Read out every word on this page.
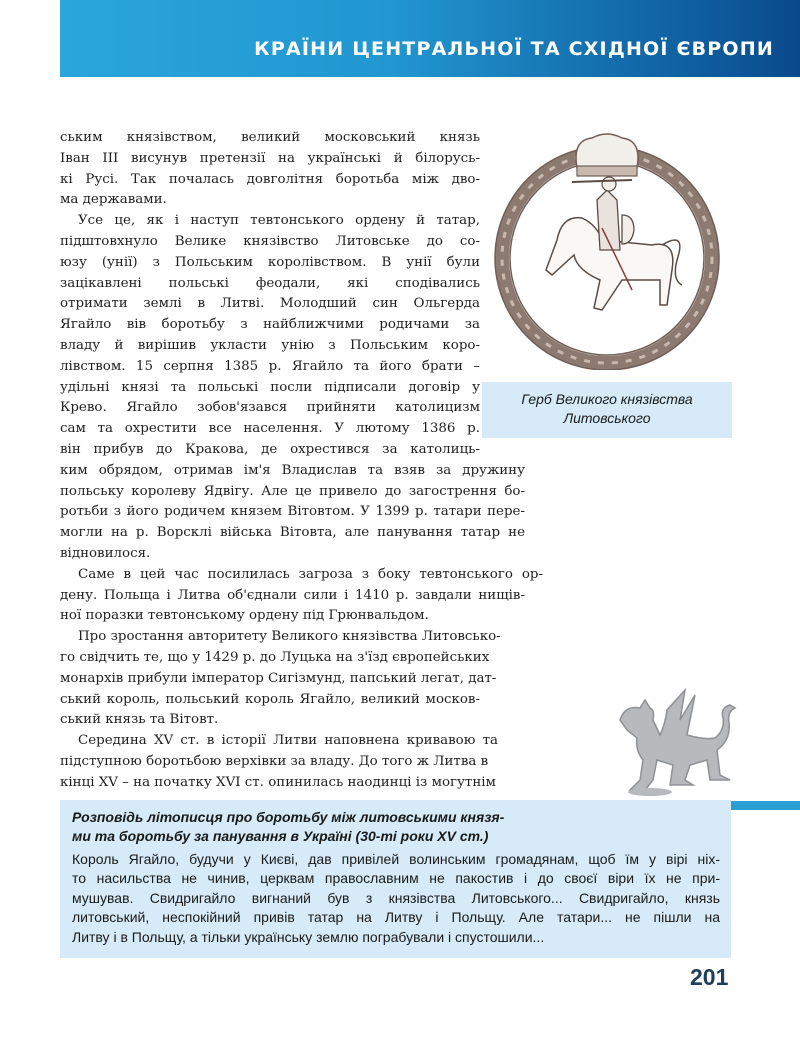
КРАЇНИ ЦЕНТРАЛЬНОЇ ТА СХІДНОЇ ЄВРОПИ
ським князівством, великий московський князь
Іван III висунув претензії на українські й білорусь-
кі Русі. Так почалась довголітня боротьба між дво-
ма державами.
Усе це, як і наступ тевтонського ордену й татар,
підштовхнуло Велике князівство Литовське до со-
юзу (унії) з Польським королівством. В унії були
зацікавлені польські феодали, які сподівались
отримати землі в Литві. Молодший син Ольгерда
Ягайло вів боротьбу з найближчими родичами за
владу й вирішив укласти унію з Польським коро-
лівством. 15 серпня 1385 р. Ягайло та його брати –
удільні князі та польські посли підписали договір у
Крево. Ягайло зобов'язався прийняти католицизм
сам та охрестити все населення. У лютому 1386 р.
він прибув до Кракова, де охрестився за католиць-
ким обрядом, отримав ім'я Владислав та взяв за дружину
польську королеву Ядвігу. Але це привело до загострення бо-
ротьби з його родичем князем Вітовтом. У 1399 р. татари пере-
могли на р. Ворсклі війська Вітовта, але панування татар не
відновилося.
Саме в цей час посилилась загроза з боку тевтонського ор-
дену. Польща і Литва об'єднали сили і 1410 р. завдали нищів-
ної поразки тевтонському ордену під Грюнвальдом.
Про зростання авторитету Великого князівства Литовсько-
го свідчить те, що у 1429 р. до Луцька на з'їзд європейських
монархів прибули імператор Сигізмунд, папський легат, дат-
ський король, польський король Ягайло, великий москов-
ський князь та Вітовт.
Середина XV ст. в історії Литви наповнена кривавою та
підступною боротьбою верхівки за владу. До того ж Литва в
кінці XV – на початку XVI ст. опинилась наодинці із могутнім
Герб Великого князівства
Литовського
Розповідь літописця про боротьбу між литовськими князя-
ми та боротьбу за панування в Україні (30-ті роки XV ст.)
Король Ягайло, будучи у Києві, дав привілей волинським громадянам, щоб їм у вірі ніх-
то насильства не чинив, церквам православним не пакостив і до своєї віри їх не при-
мушував. Свидригайло вигнаний був з князівства Литовського... Свидригайло, князь
литовський, неспокійний привів татар на Литву і Польщу. Але татари... не пішли на
Литву і в Польщу, а тільки українську землю пограбували і спустошили...
201
